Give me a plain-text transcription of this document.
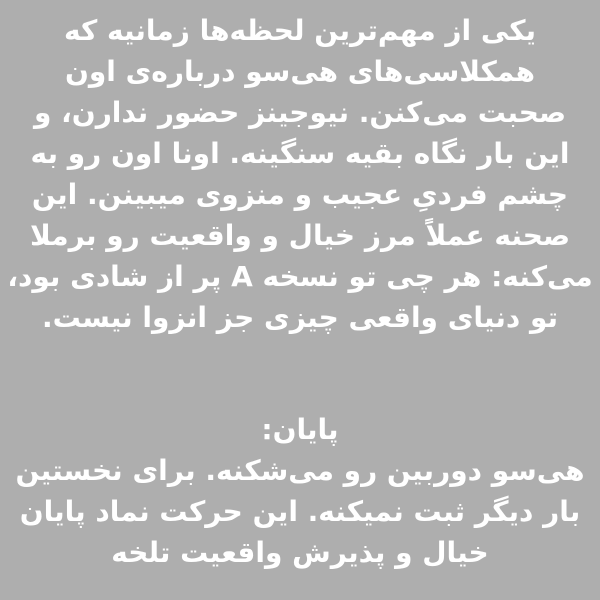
یکی از مهم‌ترین لحظه‌ها زمانیه که
همکلاسی‌های هی‌سو درباره‌ی اون
صحبت می‌کنن. نیوجینز حضور ندارن، و
این بار نگاه بقیه سنگینه. اونا اون رو به
چشم فردیِ عجیب و منزوی میبینن. این
صحنه عملاً مرز خیال و واقعیت رو برملا
می‌کنه: هر چی تو نسخه A پر از شادی بود،
تو دنیای واقعی چیزی جز انزوا نیست.
پایان:
هی‌سو دوربین رو می‌شکنه. برای نخستین
بار دیگر ثبت نمیکنه. این حرکت نماد پایان
خیال و پذیرش واقعیت تلخه
